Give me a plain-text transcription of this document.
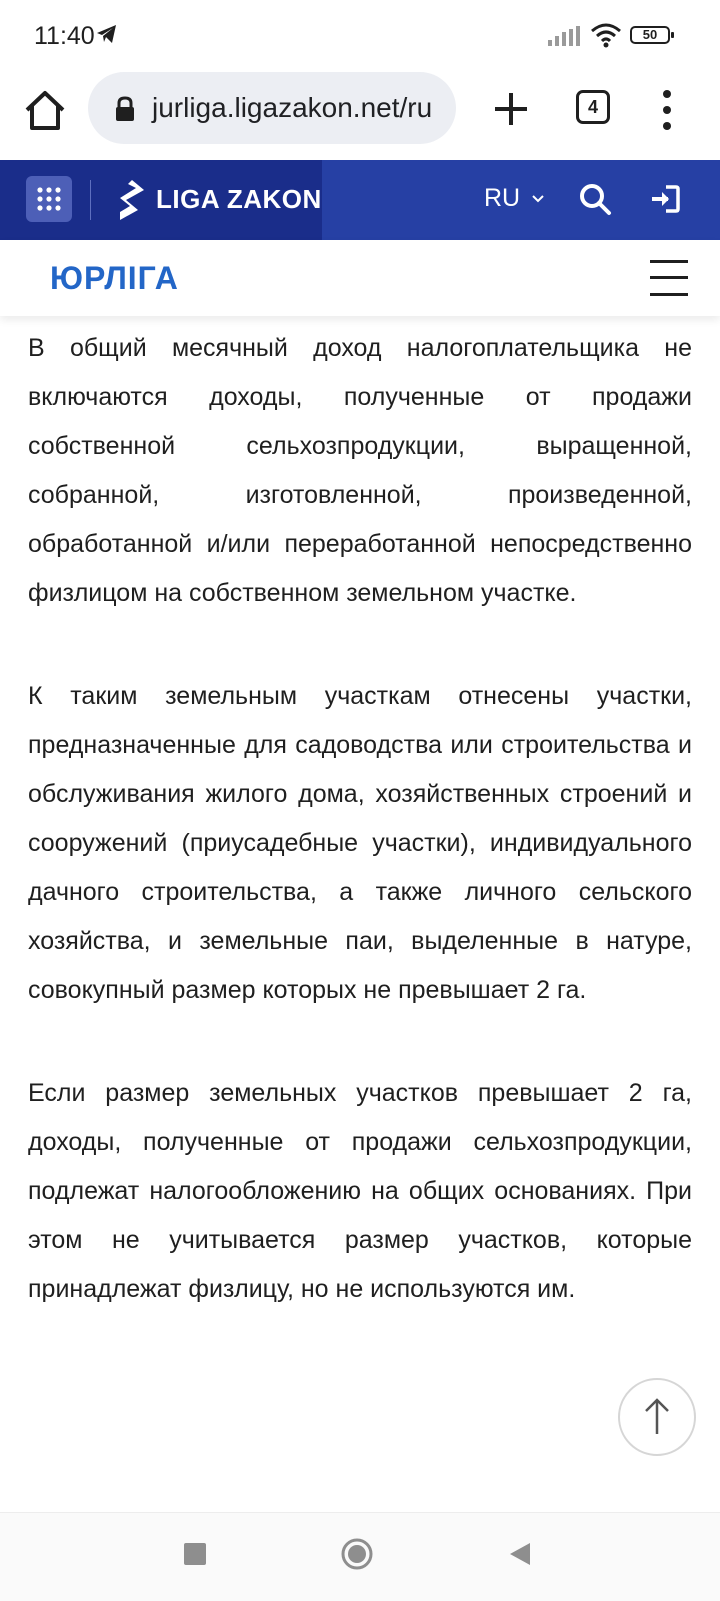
11:40	50
jurliga.ligazakon.net/ru	4
LIGA ZAKON	RU
ЮРЛІГА

В общий месячный доход налогоплательщика не включаются доходы, полученные от продажи собственной сельхозпродукции, выращенной, собранной, изготовленной, произведенной, обработанной и/или переработанной непосредственно физлицом на собственном земельном участке.

К таким земельным участкам отнесены участки, предназначенные для садоводства или строительства и обслуживания жилого дома, хозяйственных строений и сооружений (приусадебные участки), индивидуального дачного строительства, а также личного сельского хозяйства, и земельные паи, выделенные в натуре, совокупный размер которых не превышает 2 га.

Если размер земельных участков превышает 2 га, доходы, полученные от продажи сельхозпродукции, подлежат налогообложению на общих основаниях. При этом не учитывается размер участков, которые принадлежат физлицу, но не используются им.
